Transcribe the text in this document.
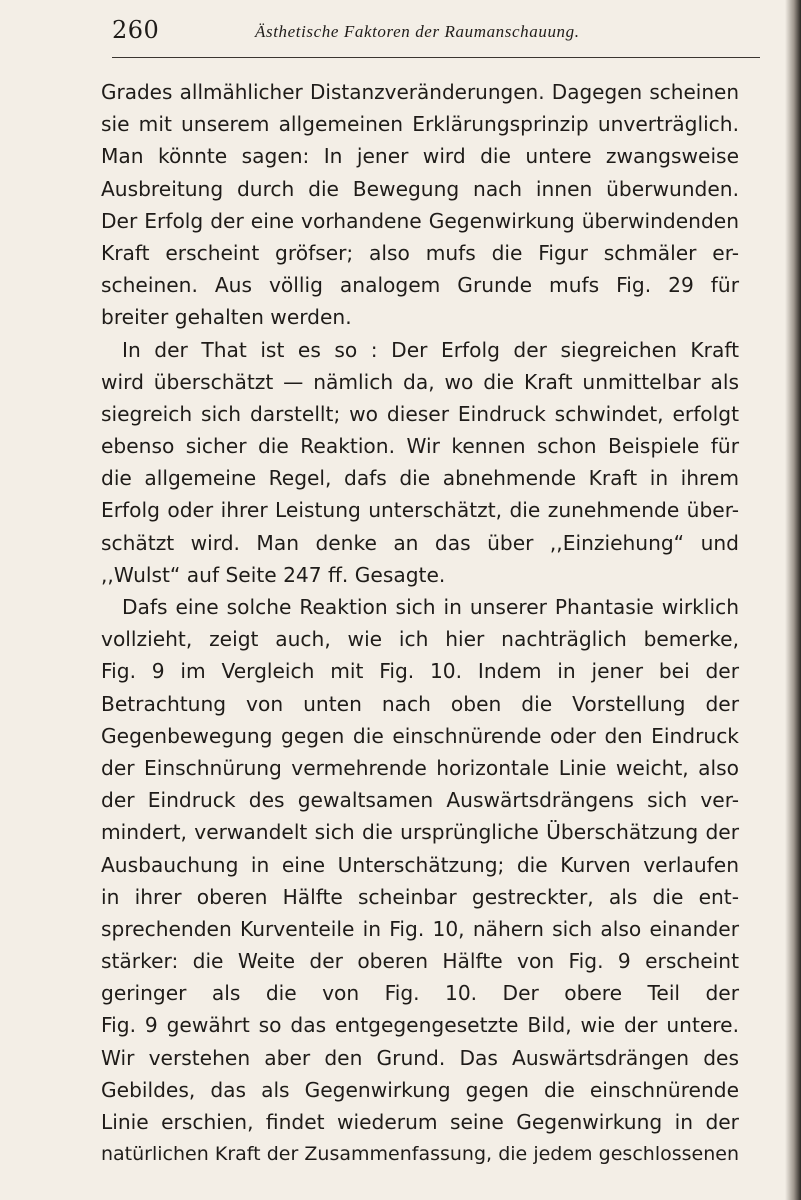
260	Ästhetische Faktoren der Raumanschauung.
Grades allmählicher Distanzveränderungen. Dagegen scheinen
sie mit unserem allgemeinen Erklärungsprinzip unverträglich.
Man könnte sagen: In jener wird die untere zwangsweise
Ausbreitung durch die Bewegung nach innen überwunden.
Der Erfolg der eine vorhandene Gegenwirkung überwindenden
Kraft erscheint gröfser; also mufs die Figur schmäler er-
scheinen. Aus völlig analogem Grunde mufs Fig. 29 für
breiter gehalten werden.
In der That ist es so : Der Erfolg der siegreichen Kraft
wird überschätzt — nämlich da, wo die Kraft unmittelbar als
siegreich sich darstellt; wo dieser Eindruck schwindet, erfolgt
ebenso sicher die Reaktion. Wir kennen schon Beispiele für
die allgemeine Regel, dafs die abnehmende Kraft in ihrem
Erfolg oder ihrer Leistung unterschätzt, die zunehmende über-
schätzt wird. Man denke an das über ,,Einziehung“ und
,,Wulst“ auf Seite 247 ff. Gesagte.
Dafs eine solche Reaktion sich in unserer Phantasie wirklich
vollzieht, zeigt auch, wie ich hier nachträglich bemerke,
Fig. 9 im Vergleich mit Fig. 10. Indem in jener bei der
Betrachtung von unten nach oben die Vorstellung der
Gegenbewegung gegen die einschnürende oder den Eindruck
der Einschnürung vermehrende horizontale Linie weicht, also
der Eindruck des gewaltsamen Auswärtsdrängens sich ver-
mindert, verwandelt sich die ursprüngliche Überschätzung der
Ausbauchung in eine Unterschätzung; die Kurven verlaufen
in ihrer oberen Hälfte scheinbar gestreckter, als die ent-
sprechenden Kurventeile in Fig. 10, nähern sich also einander
stärker: die Weite der oberen Hälfte von Fig. 9 erscheint
geringer als die von Fig. 10. Der obere Teil der
Fig. 9 gewährt so das entgegengesetzte Bild, wie der untere.
Wir verstehen aber den Grund. Das Auswärtsdrängen des
Gebildes, das als Gegenwirkung gegen die einschnürende
Linie erschien, findet wiederum seine Gegenwirkung in der
natürlichen Kraft der Zusammenfassung, die jedem geschlossenen
